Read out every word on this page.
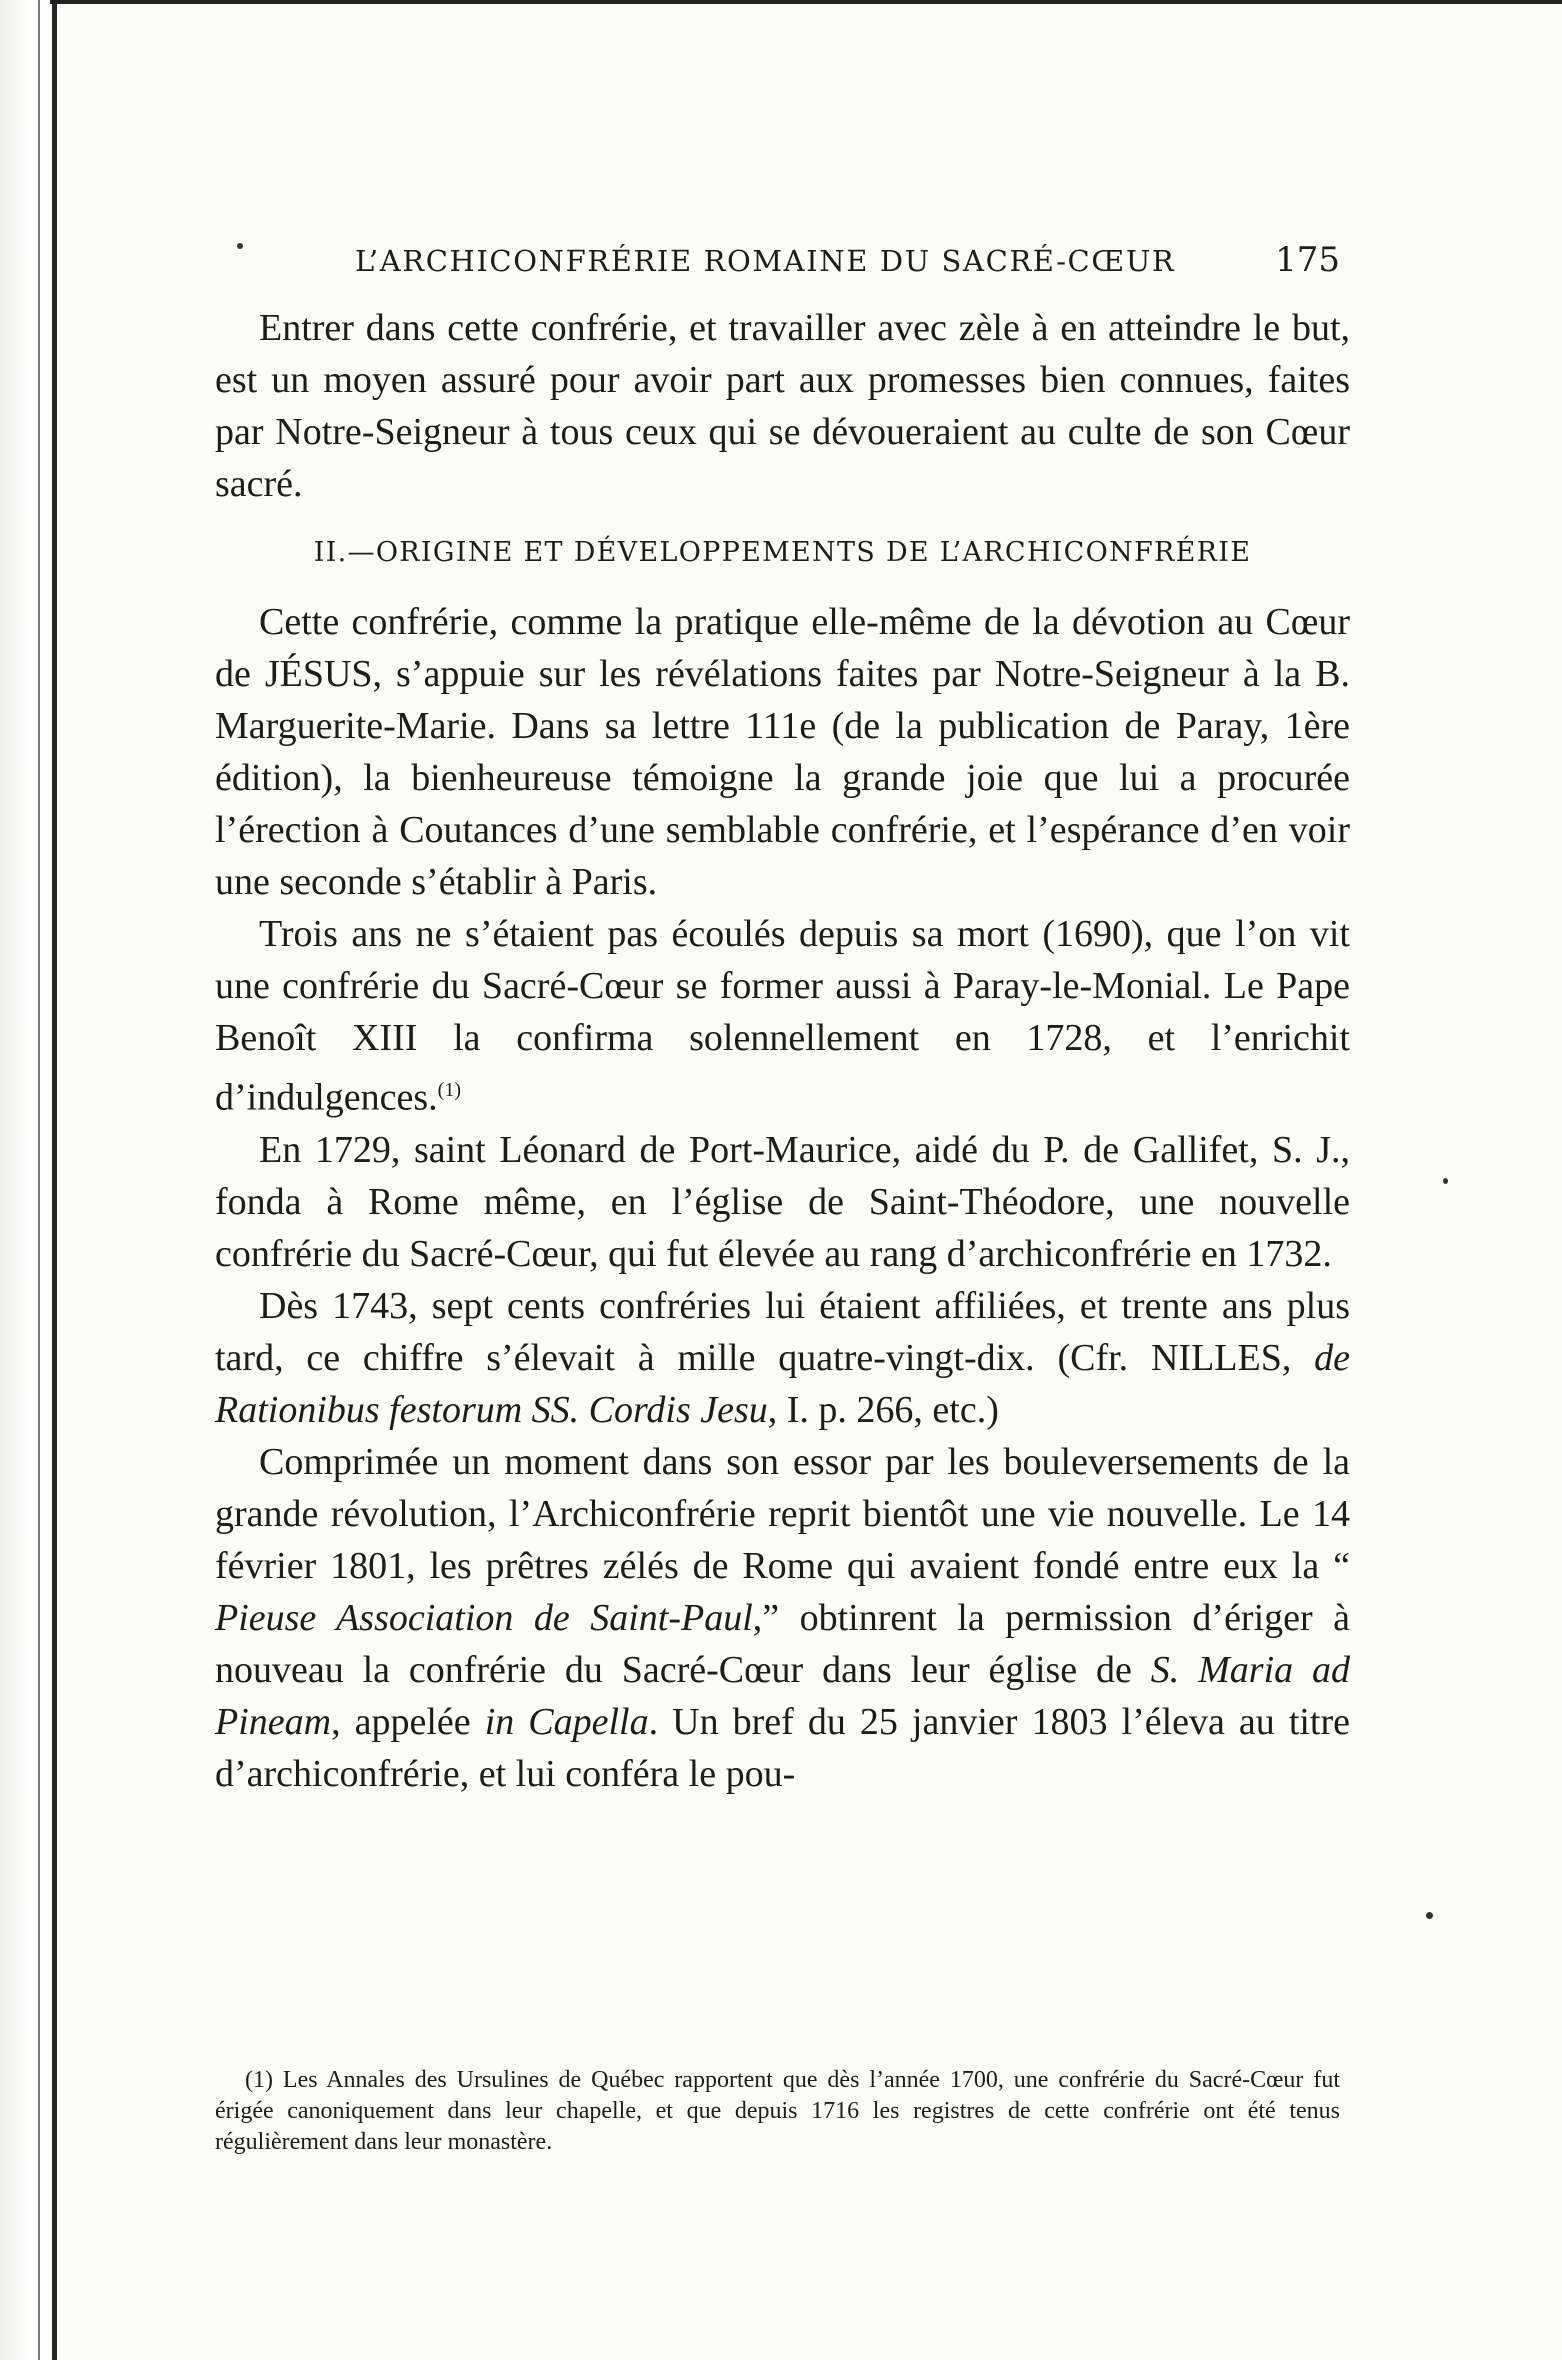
L’ARCHICONFRÉRIE ROMAINE DU SACRÉ-CŒUR	175

Entrer dans cette confrérie, et travailler avec zèle à en atteindre le but, est un moyen assuré pour avoir part aux promesses bien connues, faites par Notre-Seigneur à tous ceux qui se dévoueraient au culte de son Cœur sacré.

II.—ORIGINE ET DÉVELOPPEMENTS DE L’ARCHICONFRÉRIE

Cette confrérie, comme la pratique elle-même de la dévotion au Cœur de JÉSUS, s’appuie sur les révélations faites par Notre-Seigneur à la B. Marguerite-Marie. Dans sa lettre 111e (de la publication de Paray, 1ère édition), la bienheureuse témoigne la grande joie que lui a procurée l’érection à Coutances d’une semblable confrérie, et l’espérance d’en voir une seconde s’établir à Paris.

Trois ans ne s’étaient pas écoulés depuis sa mort (1690), que l’on vit une confrérie du Sacré-Cœur se former aussi à Paray-le-Monial. Le Pape Benoît XIII la confirma solennellement en 1728, et l’enrichit d’indulgences.$^{(1)}$

En 1729, saint Léonard de Port-Maurice, aidé du P. de Gallifet, S. J., fonda à Rome même, en l’église de Saint-Théodore, une nouvelle confrérie du Sacré-Cœur, qui fut élevée au rang d’archiconfrérie en 1732.

Dès 1743, sept cents confréries lui étaient affiliées, et trente ans plus tard, ce chiffre s’élevait à mille quatre-vingt-dix. (Cfr. NILLES, de Rationibus festorum SS. Cordis Jesu, I. p. 266, etc.)

Comprimée un moment dans son essor par les bouleversements de la grande révolution, l’Archiconfrérie reprit bientôt une vie nouvelle. Le 14 février 1801, les prêtres zélés de Rome qui avaient fondé entre eux la “ Pieuse Association de Saint-Paul,” obtinrent la permission d’ériger à nouveau la confrérie du Sacré-Cœur dans leur église de S. Maria ad Pineam, appelée in Capella. Un bref du 25 janvier 1803 l’éleva au titre d’archiconfrérie, et lui conféra le pou-

(1) Les Annales des Ursulines de Québec rapportent que dès l’année 1700, une confrérie du Sacré-Cœur fut érigée canoniquement dans leur chapelle, et que depuis 1716 les registres de cette confrérie ont été tenus régulièrement dans leur monastère.
